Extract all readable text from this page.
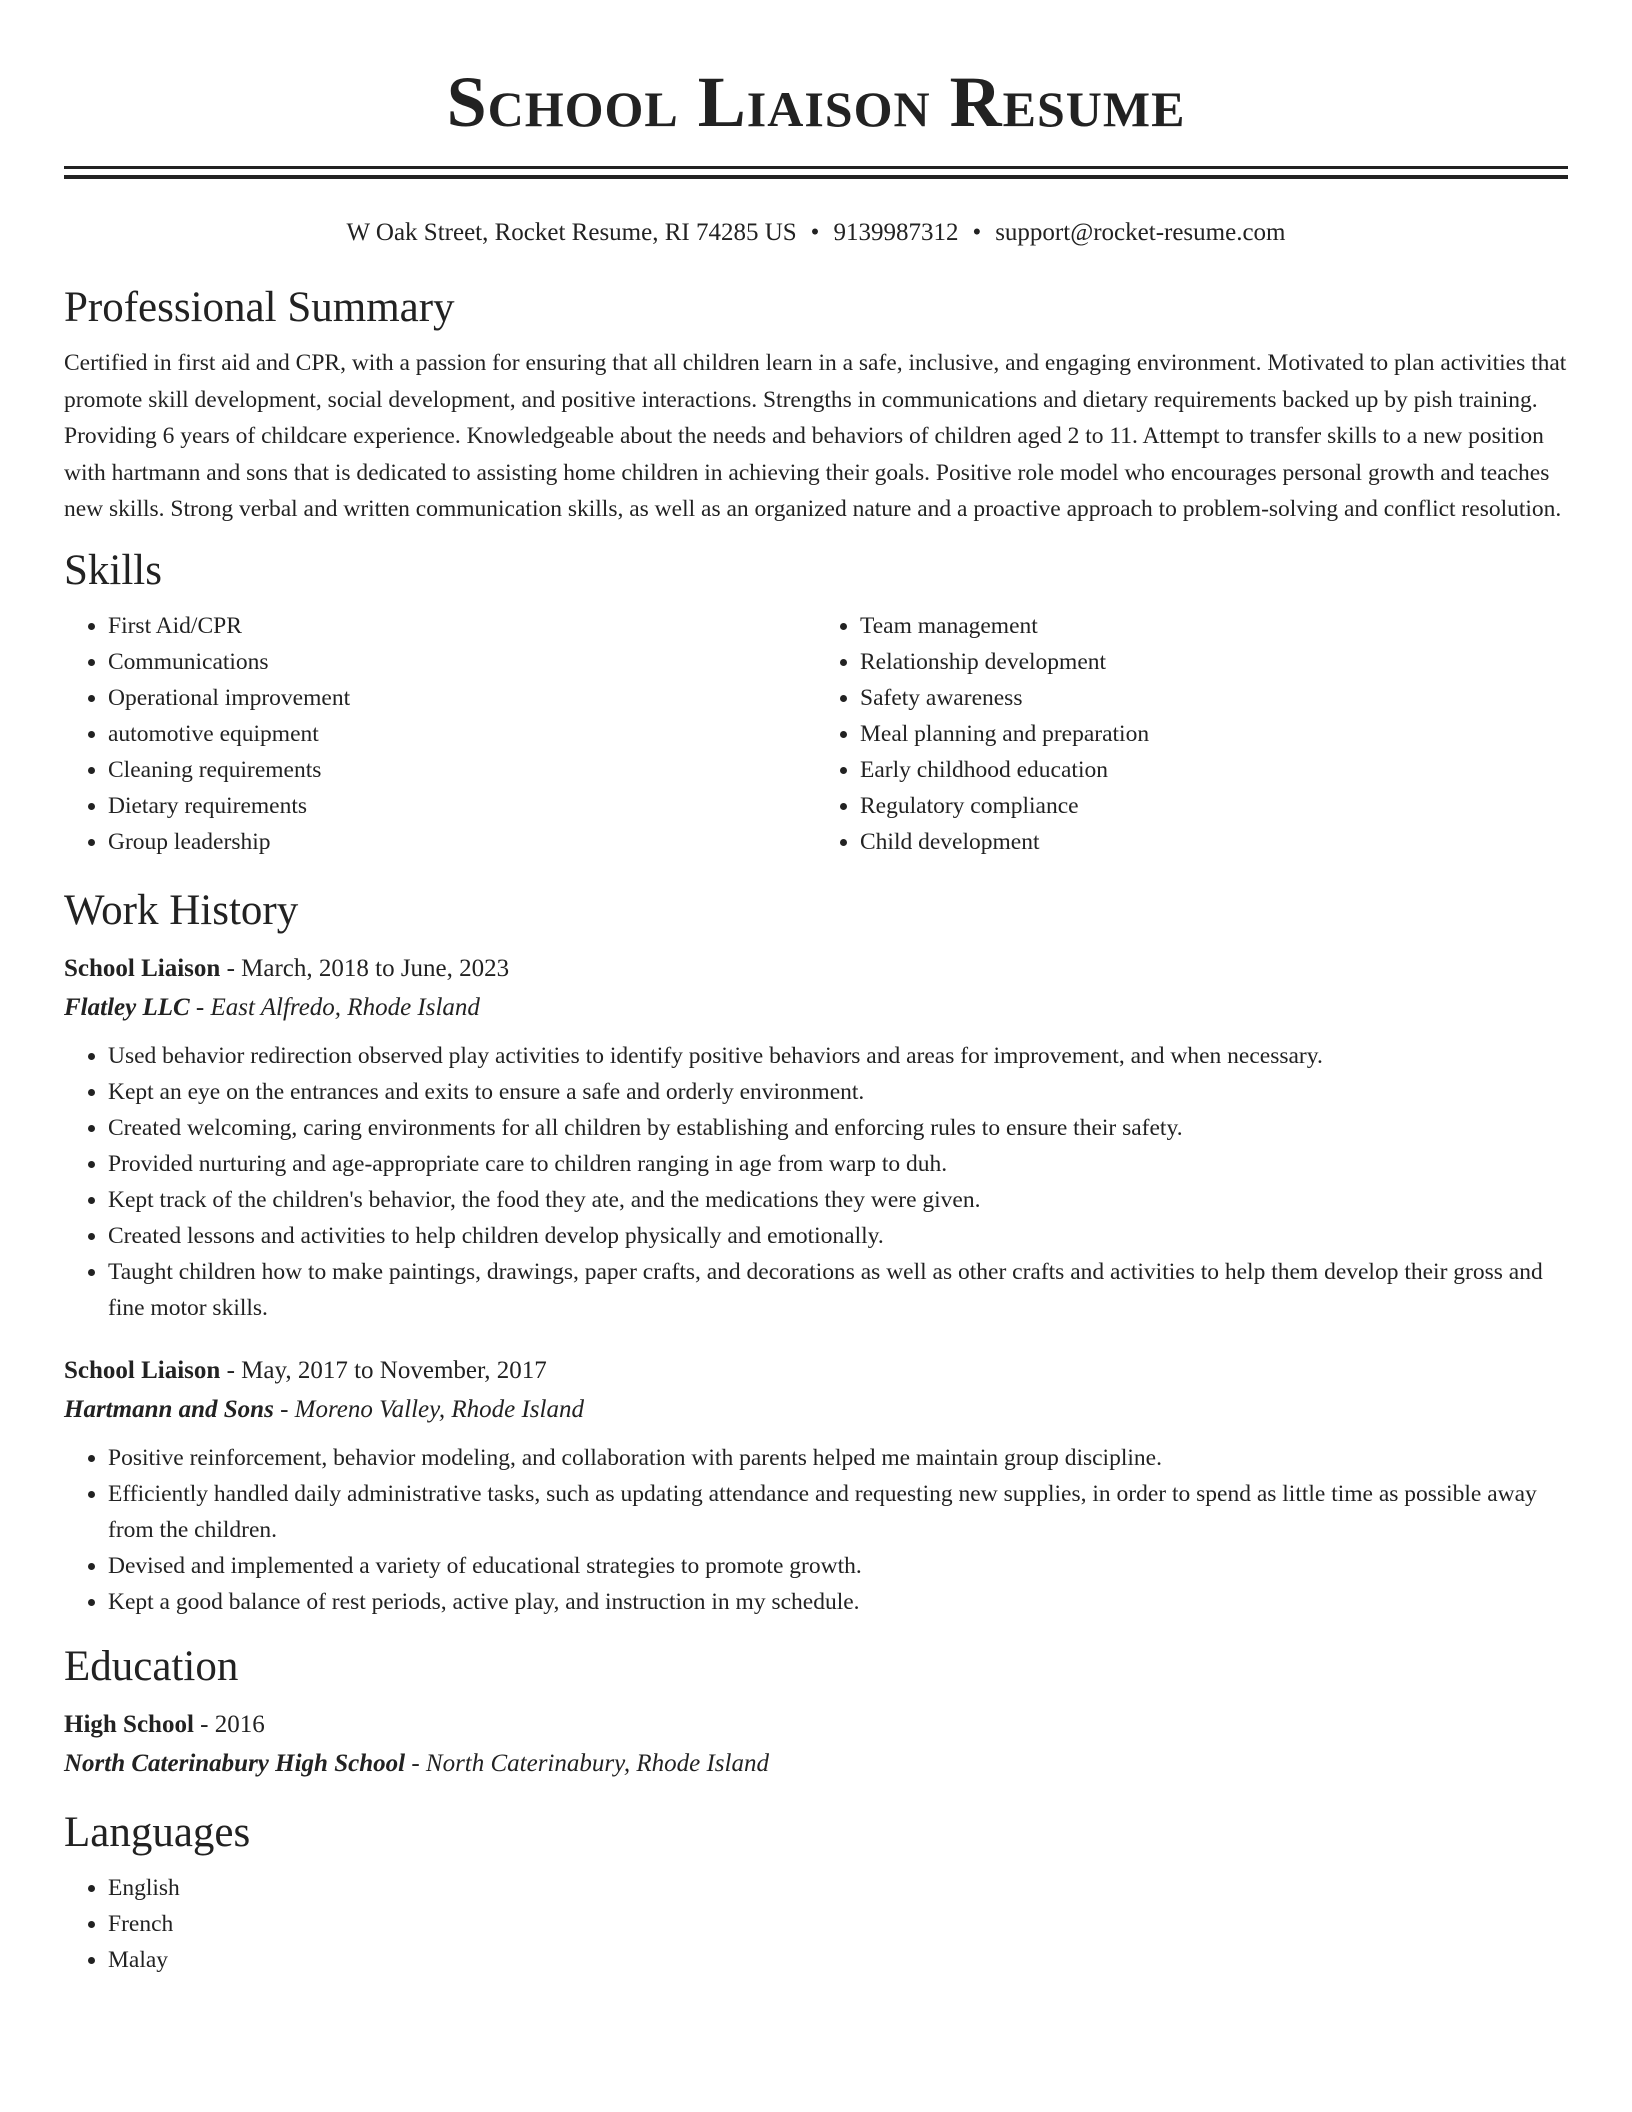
School Liaison Resume
W Oak Street, Rocket Resume, RI 74285 US • 9139987312 • support@rocket-resume.com
Professional Summary

Certified in first aid and CPR, with a passion for ensuring that all children learn in a safe, inclusive, and engaging environment. Motivated to plan activities that promote skill development, social development, and positive interactions. Strengths in communications and dietary requirements backed up by pish training. Providing 6 years of childcare experience. Knowledgeable about the needs and behaviors of children aged 2 to 11. Attempt to transfer skills to a new position with hartmann and sons that is dedicated to assisting home children in achieving their goals. Positive role model who encourages personal growth and teaches new skills. Strong verbal and written communication skills, as well as an organized nature and a proactive approach to problem-solving and conflict resolution.

Skills
• First Aid/CPR
• Communications
• Operational improvement
• automotive equipment
• Cleaning requirements
• Dietary requirements
• Group leadership
• Team management
• Relationship development
• Safety awareness
• Meal planning and preparation
• Early childhood education
• Regulatory compliance
• Child development
Work History
School Liaison - March, 2018 to June, 2023
Flatley LLC - East Alfredo, Rhode Island
• Used behavior redirection observed play activities to identify positive behaviors and areas for improvement, and when necessary.
• Kept an eye on the entrances and exits to ensure a safe and orderly environment.
• Created welcoming, caring environments for all children by establishing and enforcing rules to ensure their safety.
• Provided nurturing and age-appropriate care to children ranging in age from warp to duh.
• Kept track of the children's behavior, the food they ate, and the medications they were given.
• Created lessons and activities to help children develop physically and emotionally.
• Taught children how to make paintings, drawings, paper crafts, and decorations as well as other crafts and activities to help them develop their gross and fine motor skills.
School Liaison - May, 2017 to November, 2017
Hartmann and Sons - Moreno Valley, Rhode Island
• Positive reinforcement, behavior modeling, and collaboration with parents helped me maintain group discipline.
• Efficiently handled daily administrative tasks, such as updating attendance and requesting new supplies, in order to spend as little time as possible away from the children.
• Devised and implemented a variety of educational strategies to promote growth.
• Kept a good balance of rest periods, active play, and instruction in my schedule.
Education
High School - 2016
North Caterinabury High School - North Caterinabury, Rhode Island
Languages
• English
• French
• Malay
